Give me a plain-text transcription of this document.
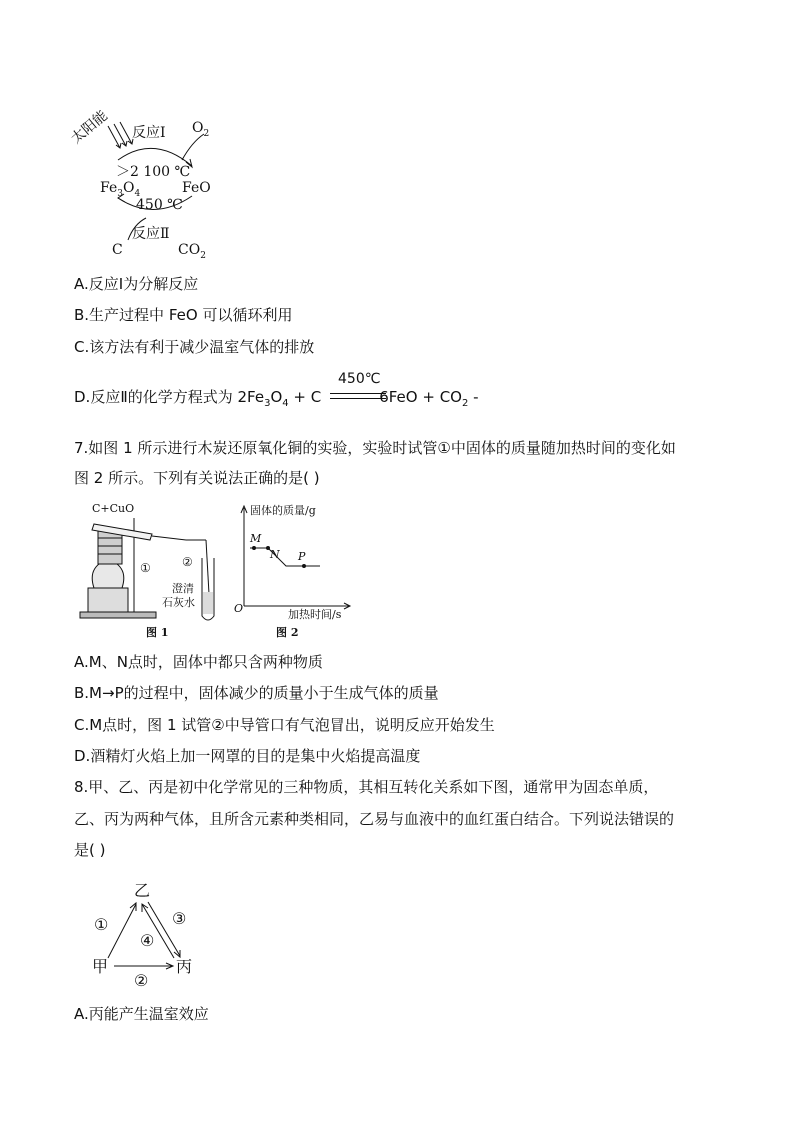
太阳能 反应Ⅰ $O_2$
＞2 100 ℃
$Fe_3O_4$	FeO
450 ℃
反应Ⅱ
C	$CO_2$
A.反应Ⅰ为分解反应
B.生产过程中 FeO 可以循环利用
C.该方法有利于减少温室气体的排放
D.反应Ⅱ的化学方程式为 $2Fe_3O_4 + C$	$6FeO + CO_2$ -
450℃
7.如图 1 所示进行木炭还原氧化铜的实验，实验时试管①中固体的质量随加热时间的变化如
图 2 所示。下列有关说法正确的是( )
C+CuO
①	②
澄清
石灰水
图 1
固体的质量/g
加热时间/s
O
M
N P
图 2
A.M、N点时，固体中都只含两种物质
B.M→P的过程中，固体减少的质量小于生成气体的质量
C.M点时，图 1 试管②中导管口有气泡冒出，说明反应开始发生
D.酒精灯火焰上加一网罩的目的是集中火焰提高温度
8.甲、乙、丙是初中化学常见的三种物质，其相互转化关系如下图，通常甲为固态单质，
乙、丙为两种气体，且所含元素种类相同，乙易与血液中的血红蛋白结合。下列说法错误的
是( )
乙
甲	丙
①
②
③
④
A.丙能产生温室效应
